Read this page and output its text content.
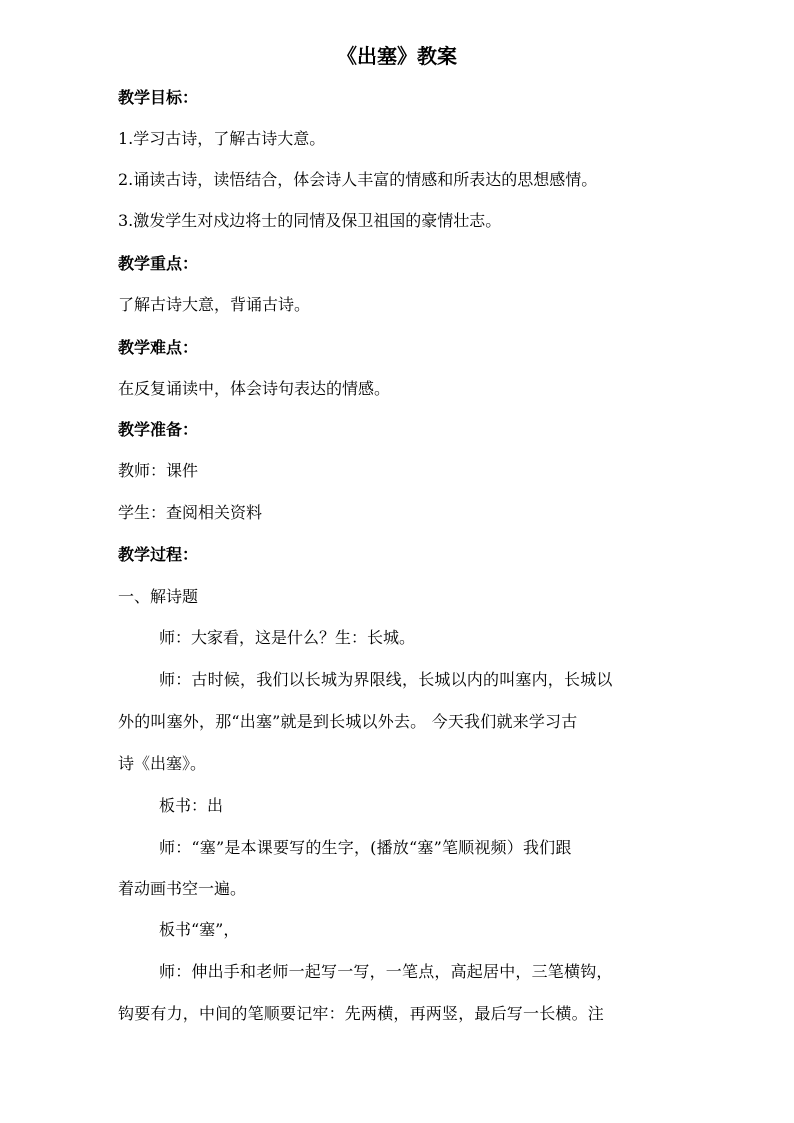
《出塞》教案
教学目标：
1.学习古诗，了解古诗大意。
2.诵读古诗，读悟结合，体会诗人丰富的情感和所表达的思想感情。
3.激发学生对戍边将士的同情及保卫祖国的豪情壮志。
教学重点：
了解古诗大意，背诵古诗。
教学难点：
在反复诵读中，体会诗句表达的情感。
教学准备：
教师：课件
学生：查阅相关资料
教学过程：
一、解诗题
师：大家看，这是什么？生：长城。
师：古时候，我们以长城为界限线，长城以内的叫塞内，长城以
外的叫塞外，那“出塞”就是到长城以外去。 今天我们就来学习古
诗《出塞》。
板书：出
师：“塞”是本课要写的生字，(播放“塞”笔顺视频）我们跟
着动画书空一遍。
板书“塞”，
师：伸出手和老师一起写一写，一笔点，高起居中，三笔横钩，
钩要有力，中间的笔顺要记牢：先两横，再两竖，最后写一长横。注
